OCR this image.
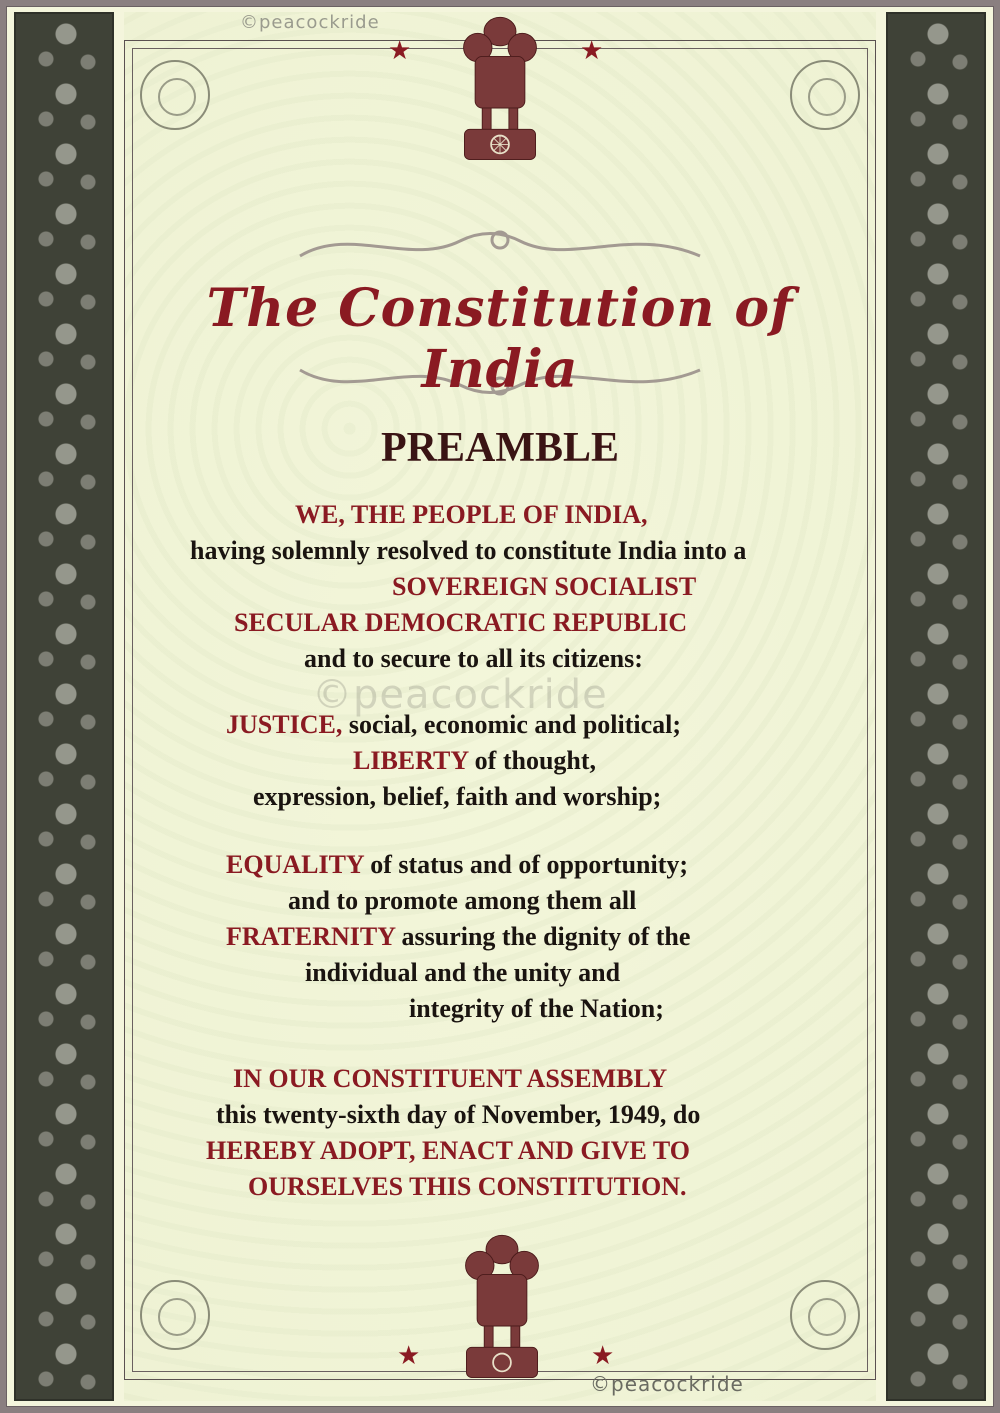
★	★
★	★
©peacockride
©peacockride
©peacockride
The Constitution of India
PREAMBLE
WE, THE PEOPLE OF INDIA,
having solemnly resolved to constitute India into a
SOVEREIGN SOCIALIST
SECULAR DEMOCRATIC REPUBLIC
and to secure to all its citizens:
JUSTICE, social, economic and political;
LIBERTY of thought,
expression, belief, faith and worship;
EQUALITY of status and of opportunity;
and to promote among them all
FRATERNITY assuring the dignity of the
individual and the unity and
integrity of the Nation;
IN OUR CONSTITUENT ASSEMBLY
this twenty-sixth day of November, 1949, do
HEREBY ADOPT, ENACT AND GIVE TO
OURSELVES THIS CONSTITUTION.
